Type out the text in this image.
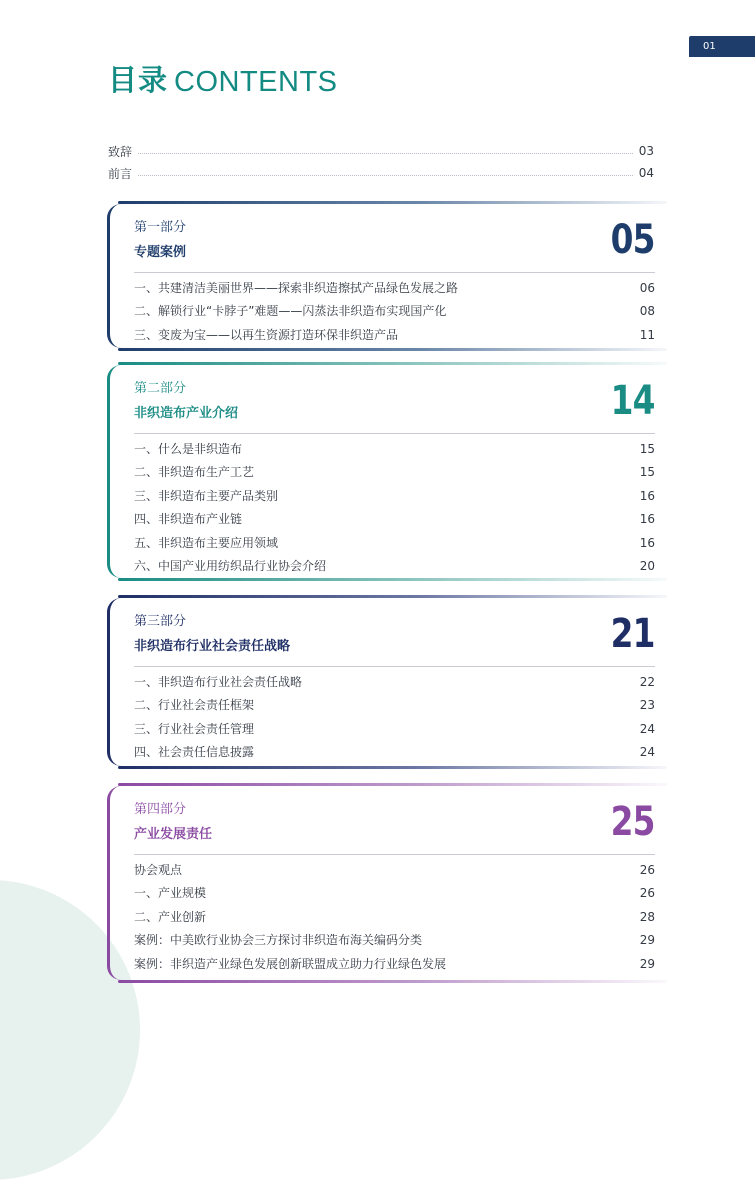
01
目录 CONTENTS
致辞	03
前言	04
第一部分
专题案例	05
一、共建清洁美丽世界——探索非织造擦拭产品绿色发展之路	06
二、解锁行业“卡脖子”难题——闪蒸法非织造布实现国产化	08
三、变废为宝——以再生资源打造环保非织造产品	11
第二部分
非织造布产业介绍	14
一、什么是非织造布	15
二、非织造布生产工艺	15
三、非织造布主要产品类别	16
四、非织造布产业链	16
五、非织造布主要应用领域	16
六、中国产业用纺织品行业协会介绍	20
第三部分
非织造布行业社会责任战略	21
一、非织造布行业社会责任战略	22
二、行业社会责任框架	23
三、行业社会责任管理	24
四、社会责任信息披露	24
第四部分
产业发展责任	25
协会观点	26
一、产业规模	26
二、产业创新	28
案例：中美欧行业协会三方探讨非织造布海关编码分类	29
案例：非织造产业绿色发展创新联盟成立助力行业绿色发展	29
